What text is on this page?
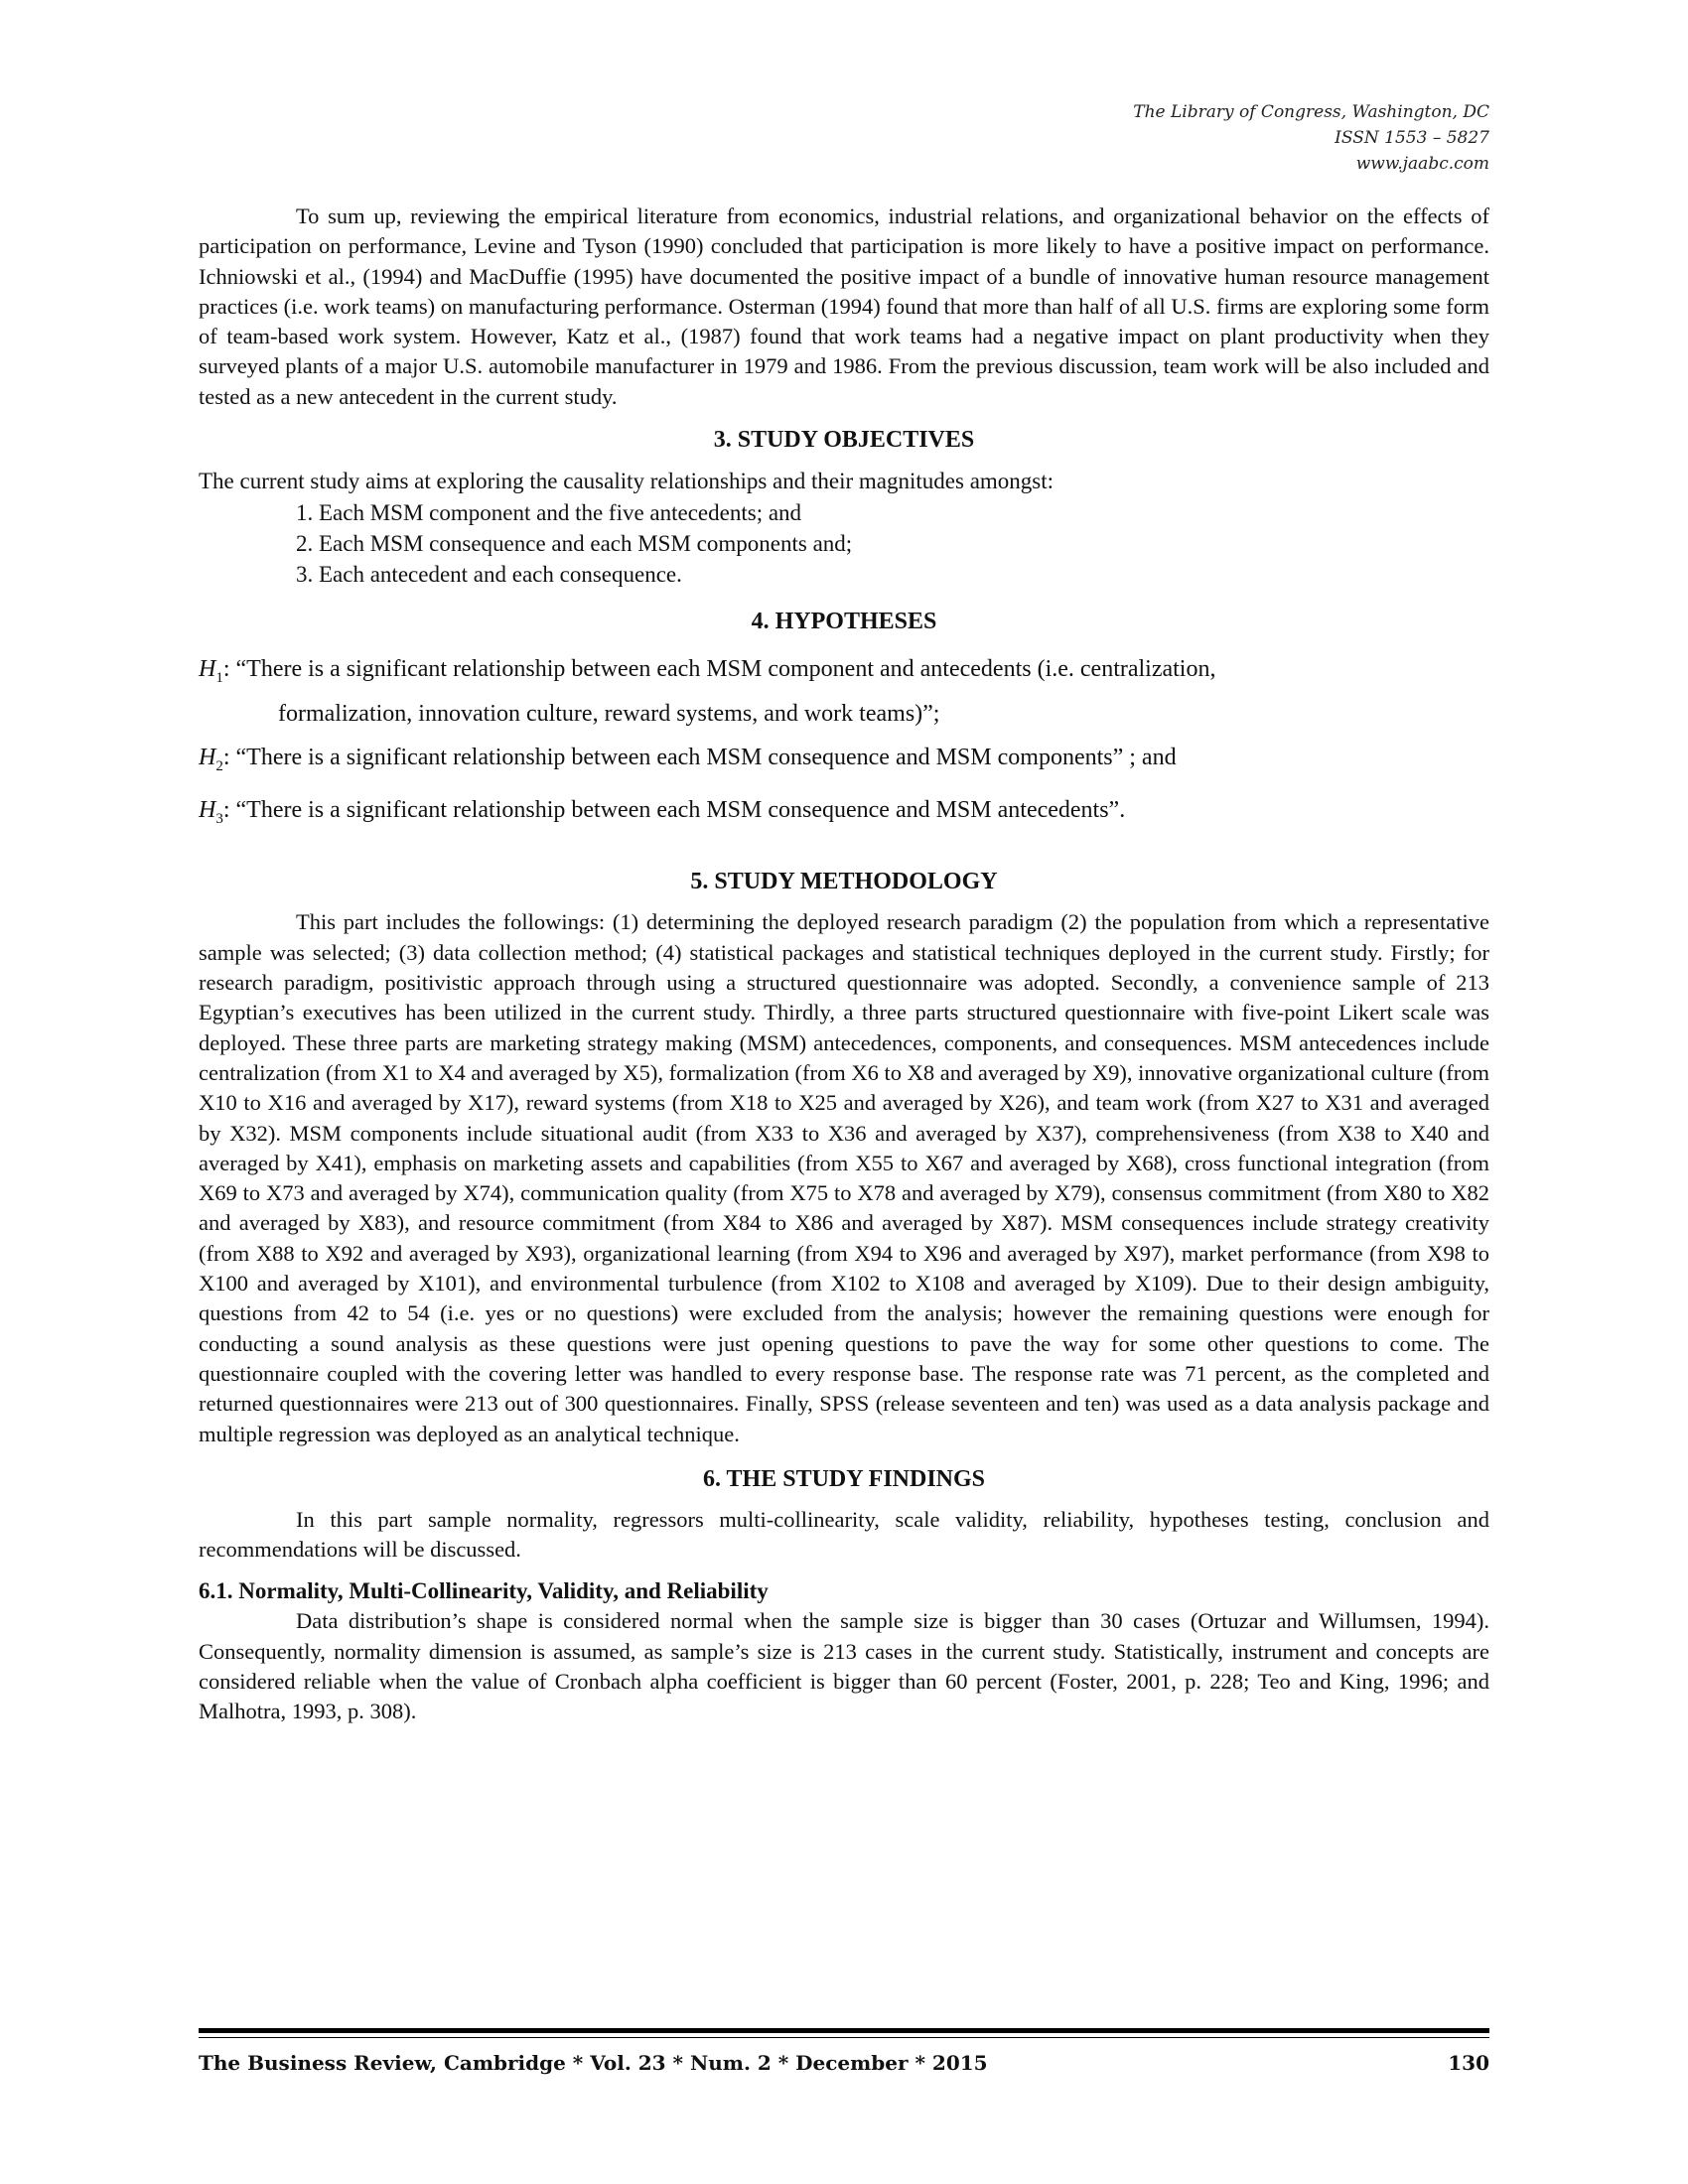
The Library of Congress, Washington, DC
ISSN 1553 – 5827
www.jaabc.com

To sum up, reviewing the empirical literature from economics, industrial relations, and organizational behavior on the effects of participation on performance, Levine and Tyson (1990) concluded that participation is more likely to have a positive impact on performance. Ichniowski et al., (1994) and MacDuffie (1995) have documented the positive impact of a bundle of innovative human resource management practices (i.e. work teams) on manufacturing performance. Osterman (1994) found that more than half of all U.S. firms are exploring some form of team-based work system. However, Katz et al., (1987) found that work teams had a negative impact on plant productivity when they surveyed plants of a major U.S. automobile manufacturer in 1979 and 1986. From the previous discussion, team work will be also included and tested as a new antecedent in the current study.

3. STUDY OBJECTIVES

The current study aims at exploring the causality relationships and their magnitudes amongst:

1. Each MSM component and the five antecedents; and
2. Each MSM consequence and each MSM components and;
3. Each antecedent and each consequence.
4. HYPOTHESES
$H_1$: “There is a significant relationship between each MSM component and antecedents (i.e. centralization,
formalization, innovation culture, reward systems, and work teams)”;
$H_2$: “There is a significant relationship between each MSM consequence and MSM components” ; and
$H_3$: “There is a significant relationship between each MSM consequence and MSM antecedents”.
5. STUDY METHODOLOGY

This part includes the followings: (1) determining the deployed research paradigm (2) the population from which a representative sample was selected; (3) data collection method; (4) statistical packages and statistical techniques deployed in the current study. Firstly; for research paradigm, positivistic approach through using a structured questionnaire was adopted. Secondly, a convenience sample of 213 Egyptian’s executives has been utilized in the current study. Thirdly, a three parts structured questionnaire with five-point Likert scale was deployed. These three parts are marketing strategy making (MSM) antecedences, components, and consequences. MSM antecedences include centralization (from X1 to X4 and averaged by X5), formalization (from X6 to X8 and averaged by X9), innovative organizational culture (from X10 to X16 and averaged by X17), reward systems (from X18 to X25 and averaged by X26), and team work (from X27 to X31 and averaged by X32). MSM components include situational audit (from X33 to X36 and averaged by X37), comprehensiveness (from X38 to X40 and averaged by X41), emphasis on marketing assets and capabilities (from X55 to X67 and averaged by X68), cross functional integration (from X69 to X73 and averaged by X74), communication quality (from X75 to X78 and averaged by X79), consensus commitment (from X80 to X82 and averaged by X83), and resource commitment (from X84 to X86 and averaged by X87). MSM consequences include strategy creativity (from X88 to X92 and averaged by X93), organizational learning (from X94 to X96 and averaged by X97), market performance (from X98 to X100 and averaged by X101), and environmental turbulence (from X102 to X108 and averaged by X109). Due to their design ambiguity, questions from 42 to 54 (i.e. yes or no questions) were excluded from the analysis; however the remaining questions were enough for conducting a sound analysis as these questions were just opening questions to pave the way for some other questions to come. The questionnaire coupled with the covering letter was handled to every response base. The response rate was 71 percent, as the completed and returned questionnaires were 213 out of 300 questionnaires. Finally, SPSS (release seventeen and ten) was used as a data analysis package and multiple regression was deployed as an analytical technique.

6. THE STUDY FINDINGS

In this part sample normality, regressors multi-collinearity, scale validity, reliability, hypotheses testing, conclusion and recommendations will be discussed.

6.1. Normality, Multi-Collinearity, Validity, and Reliability

Data distribution’s shape is considered normal when the sample size is bigger than 30 cases (Ortuzar and Willumsen, 1994). Consequently, normality dimension is assumed, as sample’s size is 213 cases in the current study. Statistically, instrument and concepts are considered reliable when the value of Cronbach alpha coefficient is bigger than 60 percent (Foster, 2001, p. 228; Teo and King, 1996; and Malhotra, 1993, p. 308).

The Business Review, Cambridge * Vol. 23 * Num. 2 * December * 2015	130
